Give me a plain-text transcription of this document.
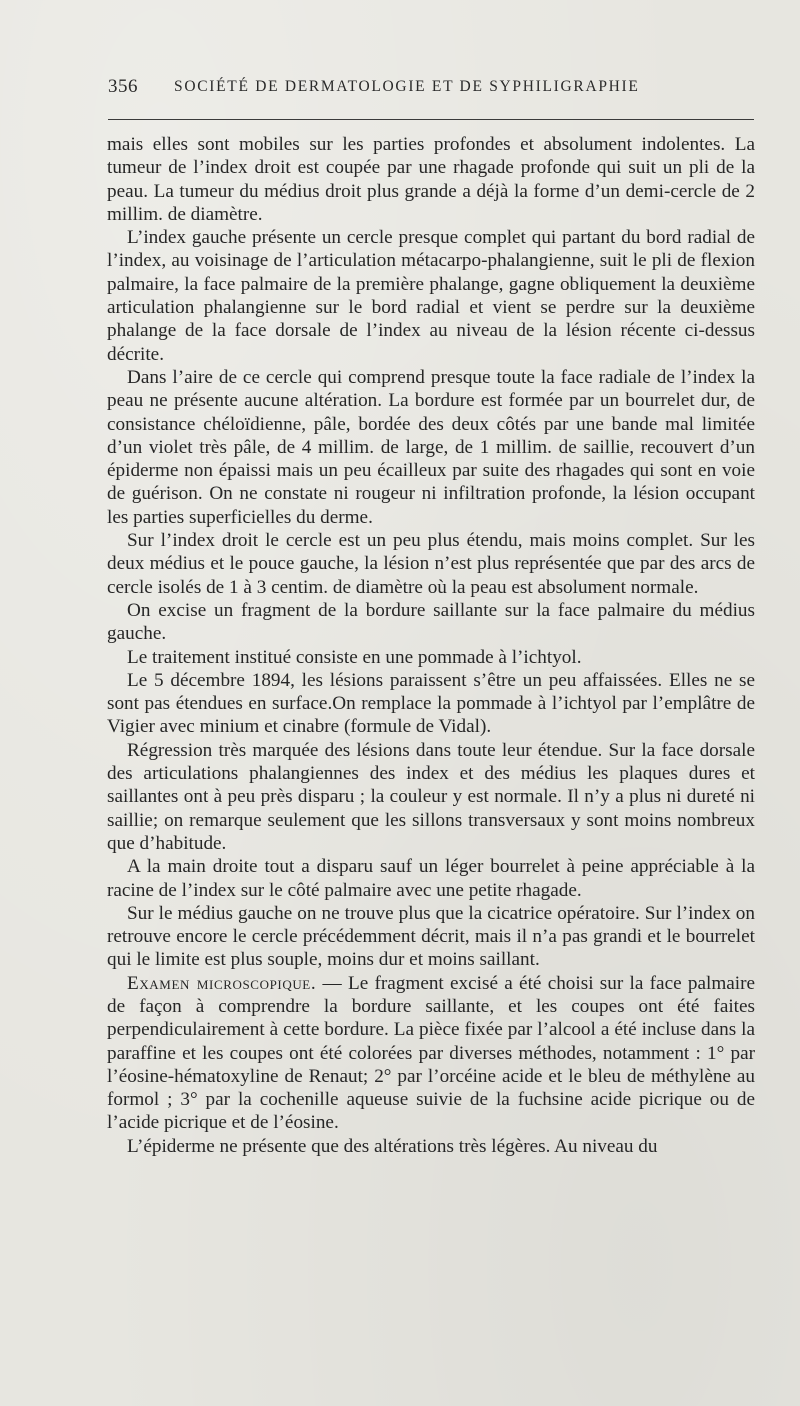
356 SOCIÉTÉ DE DERMATOLOGIE ET DE SYPHILIGRAPHIE

mais elles sont mobiles sur les parties profondes et absolument indolentes. La tumeur de l’index droit est coupée par une rhagade profonde qui suit un pli de la peau. La tumeur du médius droit plus grande a déjà la forme d’un demi-cercle de 2 millim. de diamètre.

L’index gauche présente un cercle presque complet qui partant du bord radial de l’index, au voisinage de l’articulation métacarpo-phalangienne, suit le pli de flexion palmaire, la face palmaire de la première phalange, gagne obliquement la deuxième articulation phalangienne sur le bord radial et vient se perdre sur la deuxième phalange de la face dorsale de l’index au niveau de la lésion récente ci-dessus décrite.

Dans l’aire de ce cercle qui comprend presque toute la face radiale de l’index la peau ne présente aucune altération. La bordure est formée par un bourrelet dur, de consistance chéloïdienne, pâle, bordée des deux côtés par une bande mal limitée d’un violet très pâle, de 4 millim. de large, de 1 millim. de saillie, recouvert d’un épiderme non épaissi mais un peu écailleux par suite des rhagades qui sont en voie de guérison. On ne constate ni rougeur ni infiltration profonde, la lésion occupant les parties superficielles du derme.

Sur l’index droit le cercle est un peu plus étendu, mais moins complet. Sur les deux médius et le pouce gauche, la lésion n’est plus représentée que par des arcs de cercle isolés de 1 à 3 centim. de diamètre où la peau est absolument normale.

On excise un fragment de la bordure saillante sur la face palmaire du médius gauche.

Le traitement institué consiste en une pommade à l’ichtyol.

Le 5 décembre 1894, les lésions paraissent s’être un peu affaissées. Elles ne se sont pas étendues en surface.On remplace la pommade à l’ichtyol par l’emplâtre de Vigier avec minium et cinabre (formule de Vidal).

Régression très marquée des lésions dans toute leur étendue. Sur la face dorsale des articulations phalangiennes des index et des médius les plaques dures et saillantes ont à peu près disparu ; la couleur y est normale. Il n’y a plus ni dureté ni saillie; on remarque seulement que les sillons transversaux y sont moins nombreux que d’habitude.

A la main droite tout a disparu sauf un léger bourrelet à peine appréciable à la racine de l’index sur le côté palmaire avec une petite rhagade.

Sur le médius gauche on ne trouve plus que la cicatrice opératoire. Sur l’index on retrouve encore le cercle précédemment décrit, mais il n’a pas grandi et le bourrelet qui le limite est plus souple, moins dur et moins saillant.

Examen microscopique. — Le fragment excisé a été choisi sur la face palmaire de façon à comprendre la bordure saillante, et les coupes ont été faites perpendiculairement à cette bordure. La pièce fixée par l’alcool a été incluse dans la paraffine et les coupes ont été colorées par diverses méthodes, notamment : 1° par l’éosine-hématoxyline de Renaut; 2° par l’orcéine acide et le bleu de méthylène au formol ; 3° par la cochenille aqueuse suivie de la fuchsine acide picrique ou de l’acide picrique et de l’éosine.

L’épiderme ne présente que des altérations très légères. Au niveau du
